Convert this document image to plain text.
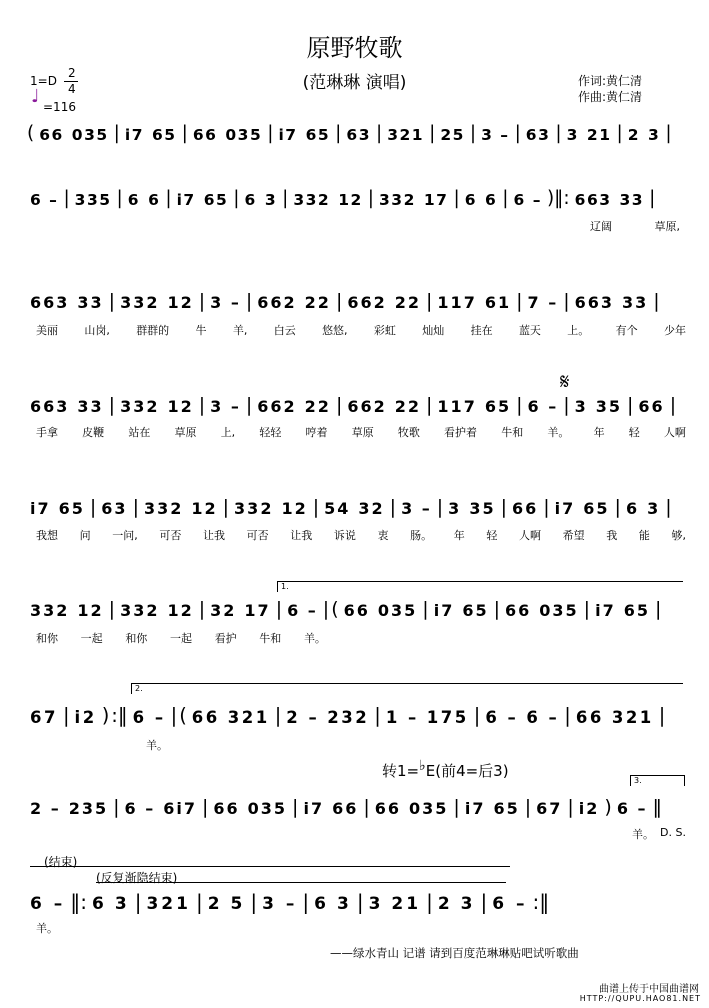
原野牧歌
(范琳琳 演唱)	作词:黄仁清
作曲:黄仁清
1=D
2
4
♩ =116
( 66 035 | i7 65 | 66 035 | i7 65 | 63 | 321 | 25 | 3 – | 63 | 3 21 | 2 3 |
6 – | 335 | 6 6 | i7 65 | 6 3 | 332 12 | 332 17 | 6 6 | 6 – )‖: 663 33 |
663 33 | 332 12 | 3 – | 662 22 | 662 22 | 117 61 | 7 – | 663 33 |
663 33 | 332 12 | 3 – | 662 22 | 662 22 | 117 65 | 6 – | 3 35 | 66 |
i7 65 | 63 | 332 12 | 332 12 | 54 32 | 3 – | 3 35 | 66 | i7 65 | 6 3 |
332 12 | 332 12 | 32 17 | 6 – | ( 66 035 | i7 65 | 66 035 | i7 65 |
67 | i2 ) :‖ 6 – | ( 66 321 | 2 – 232 | 1 – 175 | 6 – 6 – | 66 321 |
2 – 235 | 6 – 6i7 | 66 035 | i7 66 | 66 035 | i7 65 | 67 | i2 ) 6 – ‖
6 – ‖: 6 3 | 321 | 2 5 | 3 – | 6 3 | 3 21 | 2 3 | 6 – :‖
辽阔	草原,
美丽 山岗, 群群的 牛 羊, 白云 悠悠, 彩虹 灿灿 挂在 蓝天 上。 有个 少年
手拿 皮鞭 站在 草原 上, 轻轻 哼着 草原 牧歌 看护着 牛和 羊。 年 轻 人啊
我想 问 一问, 可否 让我 可否 让我 诉说 衷 肠。 年 轻 人啊 希望 我 能 够,
和你 一起 和你 一起 看护 牛和 羊。
羊。
羊。 D. S.
羊。
1.
2.
3.
𝄋
转1=♭E(前4=后3)
(结束)
(反复渐隐结束)
——绿水青山 记谱 请到百度范琳琳贴吧试听歌曲
曲谱上传于中国曲谱网
HTTP://QUPU.HAO81.NET
